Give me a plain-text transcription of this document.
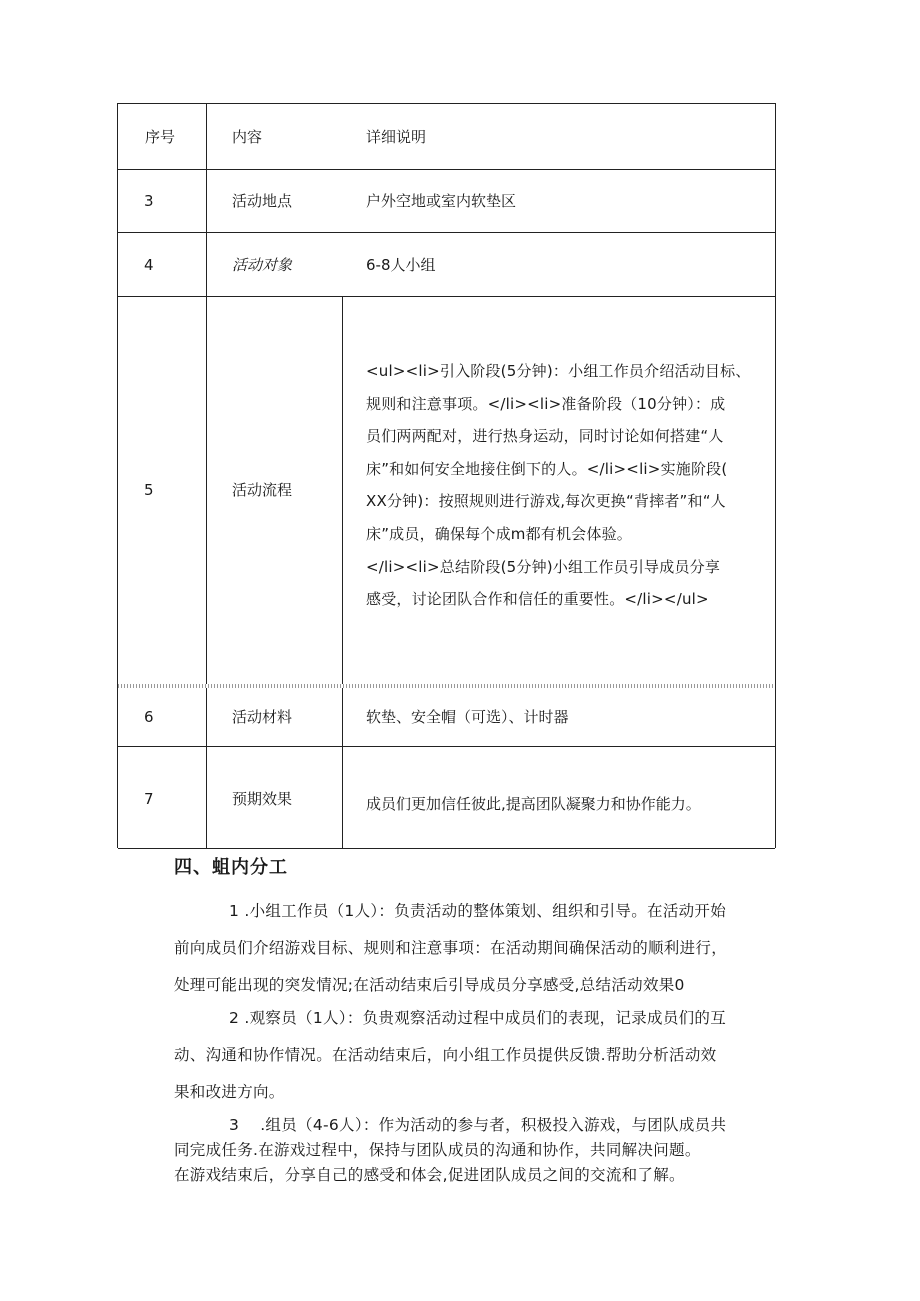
序号	内容	详细说明
3	活动地点	户外空地或室内软垫区
4	活动对象	6-8人小组
5	活动流程
<ul><li>引入阶段(5分钟)：小组工作员介绍活动目标、
规则和注意事项。</li><li>准备阶段（10分钟）：成
员们两两配对，进行热身运动，同时讨论如何搭建“人
床”和如何安全地接住倒下的人。</li><li>实施阶段(
XX分钟)：按照规则进行游戏,每次更换“背摔者”和“人
床”成员，确保每个成m都有机会体验。
</li><li>总结阶段(5分钟)小组工作员引导成员分享
感受，讨论团队合作和信任的重要性。</li></ul>
6	活动材料	软垫、安全帽（可选）、计时器
7	预期效果	成员们更加信任彼此,提高团队凝聚力和协作能力。
四、蛆内分工
1 .小组工作员（1人）：负责活动的整体策划、组织和引导。在活动开始
前向成员们介绍游戏目标、规则和注意事项：在活动期间确保活动的顺利进行，
处理可能出现的突发情况;在活动结束后引导成员分享感受,总结活动效果0
2 .观察员（1人）：负贵观察活动过程中成员们的表现，记录成员们的互
动、沟通和协作情况。在活动结束后，向小组工作员提供反馈.帮助分析活动效
果和改进方向。
3　 .组员（4-6人）：作为活动的参与者，积极投入游戏，与团队成员共
同完成任务.在游戏过程中，保持与团队成员的沟通和协作，共同解决问题。
在游戏结束后，分享自己的感受和体会,促进团队成员之间的交流和了解。
